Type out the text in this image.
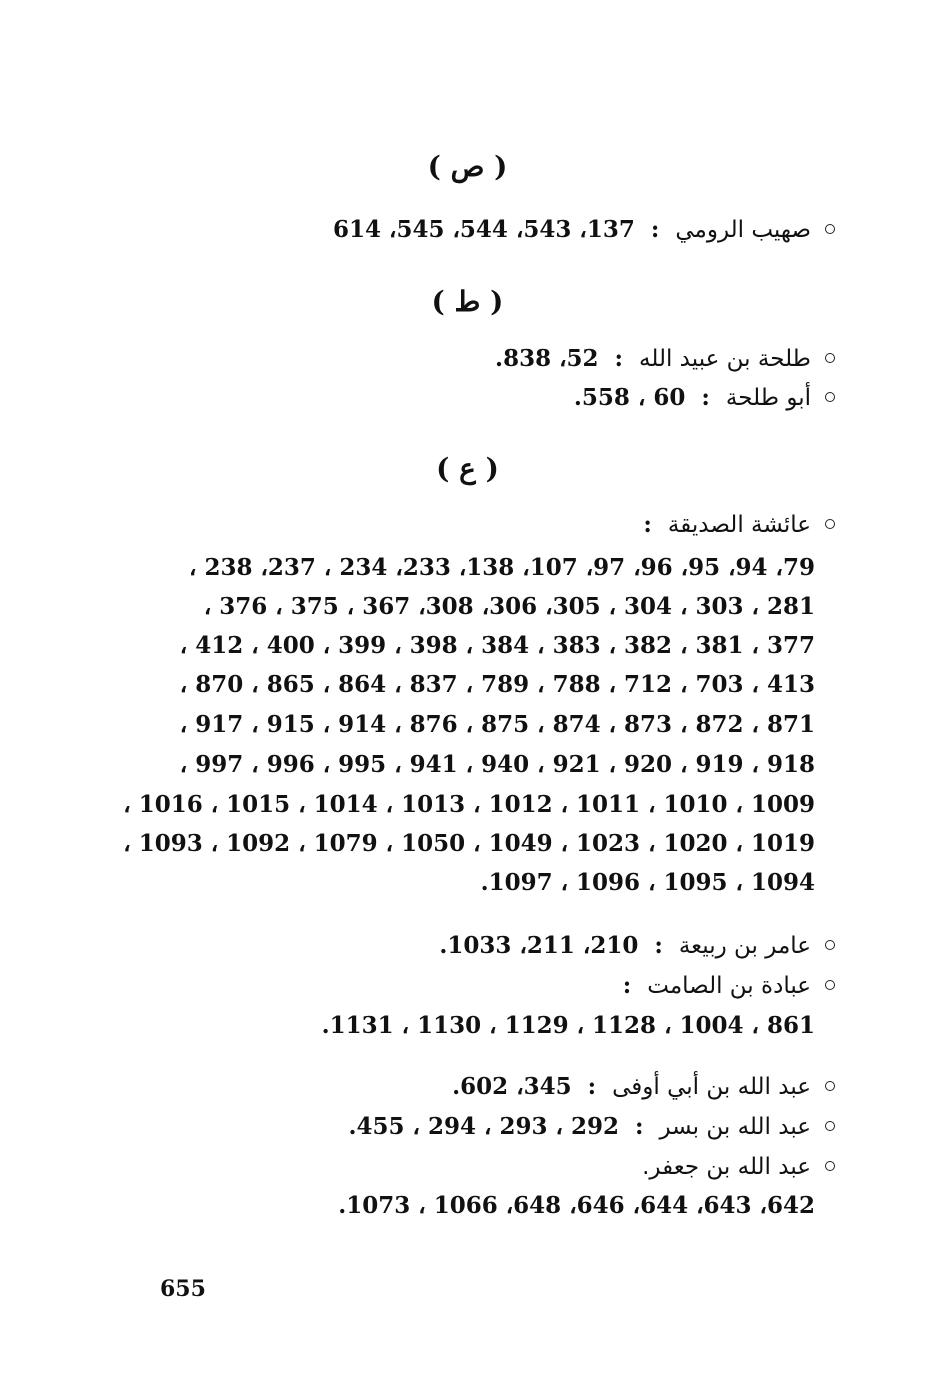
( ص )
صهيب الرومي:137، 543، 544، 545، 614
( ط )
طلحة بن عبيد الله:52، 838.
أبو طلحة:60 ، 558.
( ع )
عائشة الصديقة:
79، 94، 95، 96، 97، 107، 138، 233، 234 ، 237، 238 ،
281 ، 303 ، 304 ، 305، 306، 308، 367 ، 375 ، 376 ،
377 ، 381 ، 382 ، 383 ، 384 ، 398 ، 399 ، 400 ، 412 ،
413 ، 703 ، 712 ، 788 ، 789 ، 837 ، 864 ، 865 ، 870 ،
871 ، 872 ، 873 ، 874 ، 875 ، 876 ، 914 ، 915 ، 917 ،
918 ، 919 ، 920 ، 921 ، 940 ، 941 ، 995 ، 996 ، 997 ،
1009 ، 1010 ، 1011 ، 1012 ، 1013 ، 1014 ، 1015 ، 1016 ،
1019 ، 1020 ، 1023 ، 1049 ، 1050 ، 1079 ، 1092 ، 1093 ،
1094 ، 1095 ، 1096 ، 1097.
عامر بن ربيعة:210، 211، 1033.
عبادة بن الصامت:
861 ، 1004 ، 1128 ، 1129 ، 1130 ، 1131.
عبد الله بن أبي أوفى:345، 602.
عبد الله بن بسر:292 ، 293 ، 294 ، 455.
عبد الله بن جعفر.
642، 643، 644، 646، 648، 1066 ، 1073.
655
